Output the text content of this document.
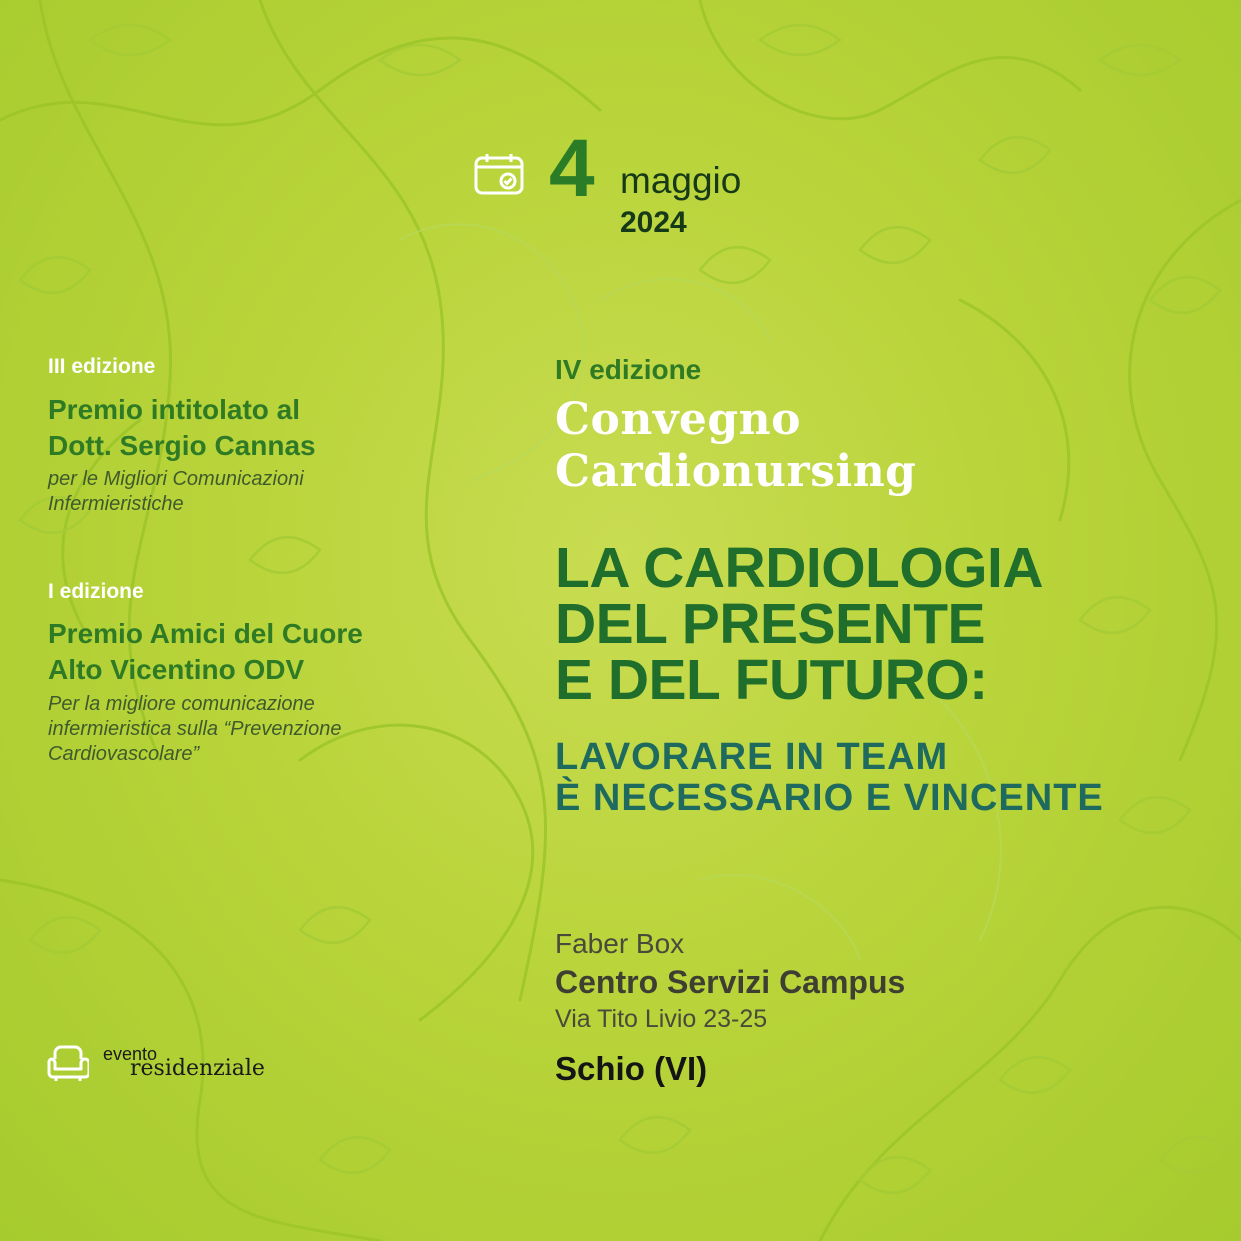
4 maggio
2024
III edizione
Premio intitolato al
Dott. Sergio Cannas
per le Migliori Comunicazioni
Infermieristiche
I edizione
Premio Amici del Cuore
Alto Vicentino ODV
Per la migliore comunicazione
infermieristica sulla “Prevenzione
Cardiovascolare”
IV edizione
Convegno
Cardionursing
LA CARDIOLOGIA
DEL PRESENTE
E DEL FUTURO:
LAVORARE IN TEAM
È NECESSARIO E VINCENTE
Faber Box
Centro Servizi Campus
Via Tito Livio 23-25
Schio (VI)
evento
residenziale
